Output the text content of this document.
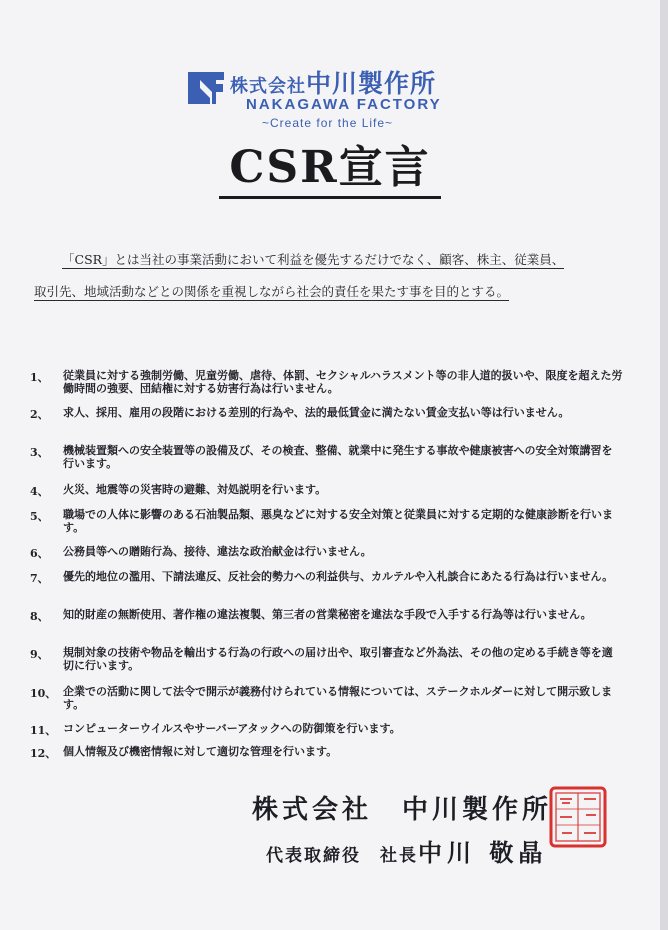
株式会社中川製作所
NAKAGAWA FACTORY
~Create for the Life~
CSR宣言
「CSR」とは当社の事業活動において利益を優先するだけでなく、顧客、株主、従業員、
取引先、地域活動などとの関係を重視しながら社会的責任を果たす事を目的とする。
1、	従業員に対する強制労働、児童労働、虐待、体罰、セクシャルハラスメント等の非人道的扱いや、限度を超えた労働時間の強要、団結権に対する妨害行為は行いません。
2、	求人、採用、雇用の段階における差別的行為や、法的最低賃金に満たない賃金支払い等は行いません。
3、	機械装置類への安全装置等の設備及び、その検査、整備、就業中に発生する事故や健康被害への安全対策講習を行います。
4、	火災、地震等の災害時の避難、対処説明を行います。
5、	職場での人体に影響のある石油製品類、悪臭などに対する安全対策と従業員に対する定期的な健康診断を行います。
6、	公務員等への贈賄行為、接待、違法な政治献金は行いません。
7、	優先的地位の濫用、下請法違反、反社会的勢力への利益供与、カルテルや入札談合にあたる行為は行いません。
8、	知的財産の無断使用、著作権の違法複製、第三者の営業秘密を違法な手段で入手する行為等は行いません。
9、	規制対象の技術や物品を輸出する行為の行政への届け出や、取引審査など外為法、その他の定める手続き等を適切に行います。
10、 企業での活動に関して法令で開示が義務付けられている情報については、ステークホルダーに対して開示致します。
11、 コンピューターウイルスやサーバーアタックへの防御策を行います。
12、 個人情報及び機密情報に対して適切な管理を行います。
株式会社　中川製作所
代表取締役　社長中川 敬晶
